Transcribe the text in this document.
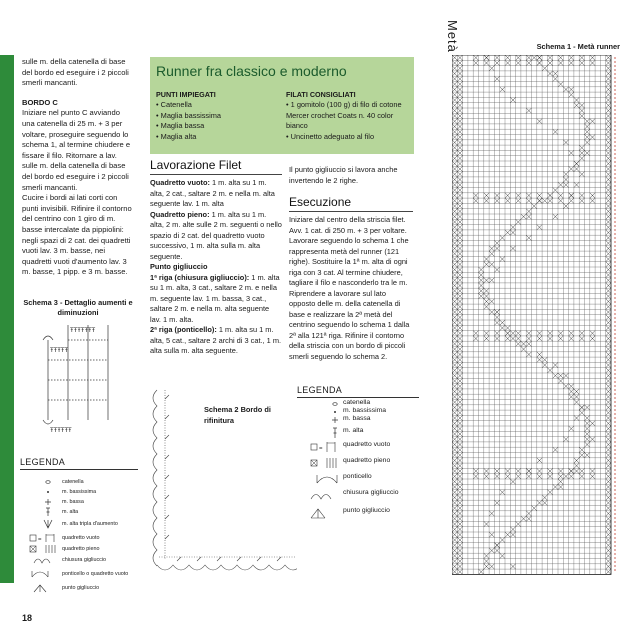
sulle m. della catenella di base del bordo ed eseguire i 2 piccoli smerli mancanti.

BORDO C

Iniziare nel punto C avviando una catenella di 25 m. + 3 per voltare, proseguire seguendo lo schema 1, al termine chiudere e fissare il filo. Ritornare a lav. sulle m. della catenella di base del bordo ed eseguire i 2 piccoli smerli mancanti.

Cucire i bordi ai lati corti con punti invisibili. Rifinire il contorno del centrino con 1 giro di m. basse intercalate da pippiolini: negli spazi di 2 cat. dei quadretti vuoti lav. 3 m. basse, nei quadretti vuoti d'aumento lav. 3 m. basse, 1 pipp. e 3 m. basse.

Schema 3 - Dettaglio aumenti e diminuzioni
ŦŦŦŦŦŦŦ
ŦŦŦŦŦ
ŦŦŦŦŦŦ
LEGENDA
catenella
m. bassissima
m. bassa
m. alta
m. alta tripla d'aumento
=	quadretto vuoto
quadretto pieno
chiusura gigliuccio
ponticello o quadretto vuoto
punto gigliuccio
Runner fra classico e moderno
PUNTI IMPIEGATI
• Catenella
• Maglia bassissima
• Maglia bassa
• Maglia alta
FILATI CONSIGLIATI
• 1 gomitolo (100 g) di filo di cotone Mercer crochet Coats n. 40 color bianco
• Uncinetto adeguato al filo
Lavorazione Filet

Quadretto vuoto: 1 m. alta su 1 m. alta, 2 cat., saltare 2 m. e nella m. alta seguente lav. 1 m. alta

Quadretto pieno: 1 m. alta su 1 m. alta, 2 m. alte sulle 2 m. seguenti o nello spazio di 2 cat. del quadretto vuoto successivo, 1 m. alta sulla m. alta seguente.

Punto gigliuccio

1ª riga (chiusura gigliuccio): 1 m. alta su 1 m. alta, 3 cat., saltare 2 m. e nella m. seguente lav. 1 m. bassa, 3 cat., saltare 2 m. e nella m. alta seguente lav. 1 m. alta.

2ª riga (ponticello): 1 m. alta su 1 m. alta, 5 cat., saltare 2 archi di 3 cat., 1 m. alta sulla m. alta seguente.

Il punto gigliuccio si lavora anche invertendo le 2 righe.

Esecuzione

Iniziare dal centro della striscia filet. Avv. 1 cat. di 250 m. + 3 per voltare. Lavorare seguendo lo schema 1 che rappresenta metà del runner (121 righe). Sostituire la 1ª m. alta di ogni riga con 3 cat. Al termine chiudere, tagliare il filo e nasconderlo tra le m. Riprendere a lavorare sul lato opposto delle m. della catenella di base e realizzare la 2ª metà del centrino seguendo lo schema 1 dalla 2ª alla 121ª riga. Rifinire il contorno della striscia con un bordo di piccoli smerli seguendo lo schema 2.

Schema 2 Bordo di rifinitura
LEGENDA
catenella
m. bassissima
m. bassa
m. alta
=
quadretto vuoto
quadretto pieno
ponticello
chiusura gigliuccio
punto gigliuccio
Metà	Schema 1 - Metà runner
18
